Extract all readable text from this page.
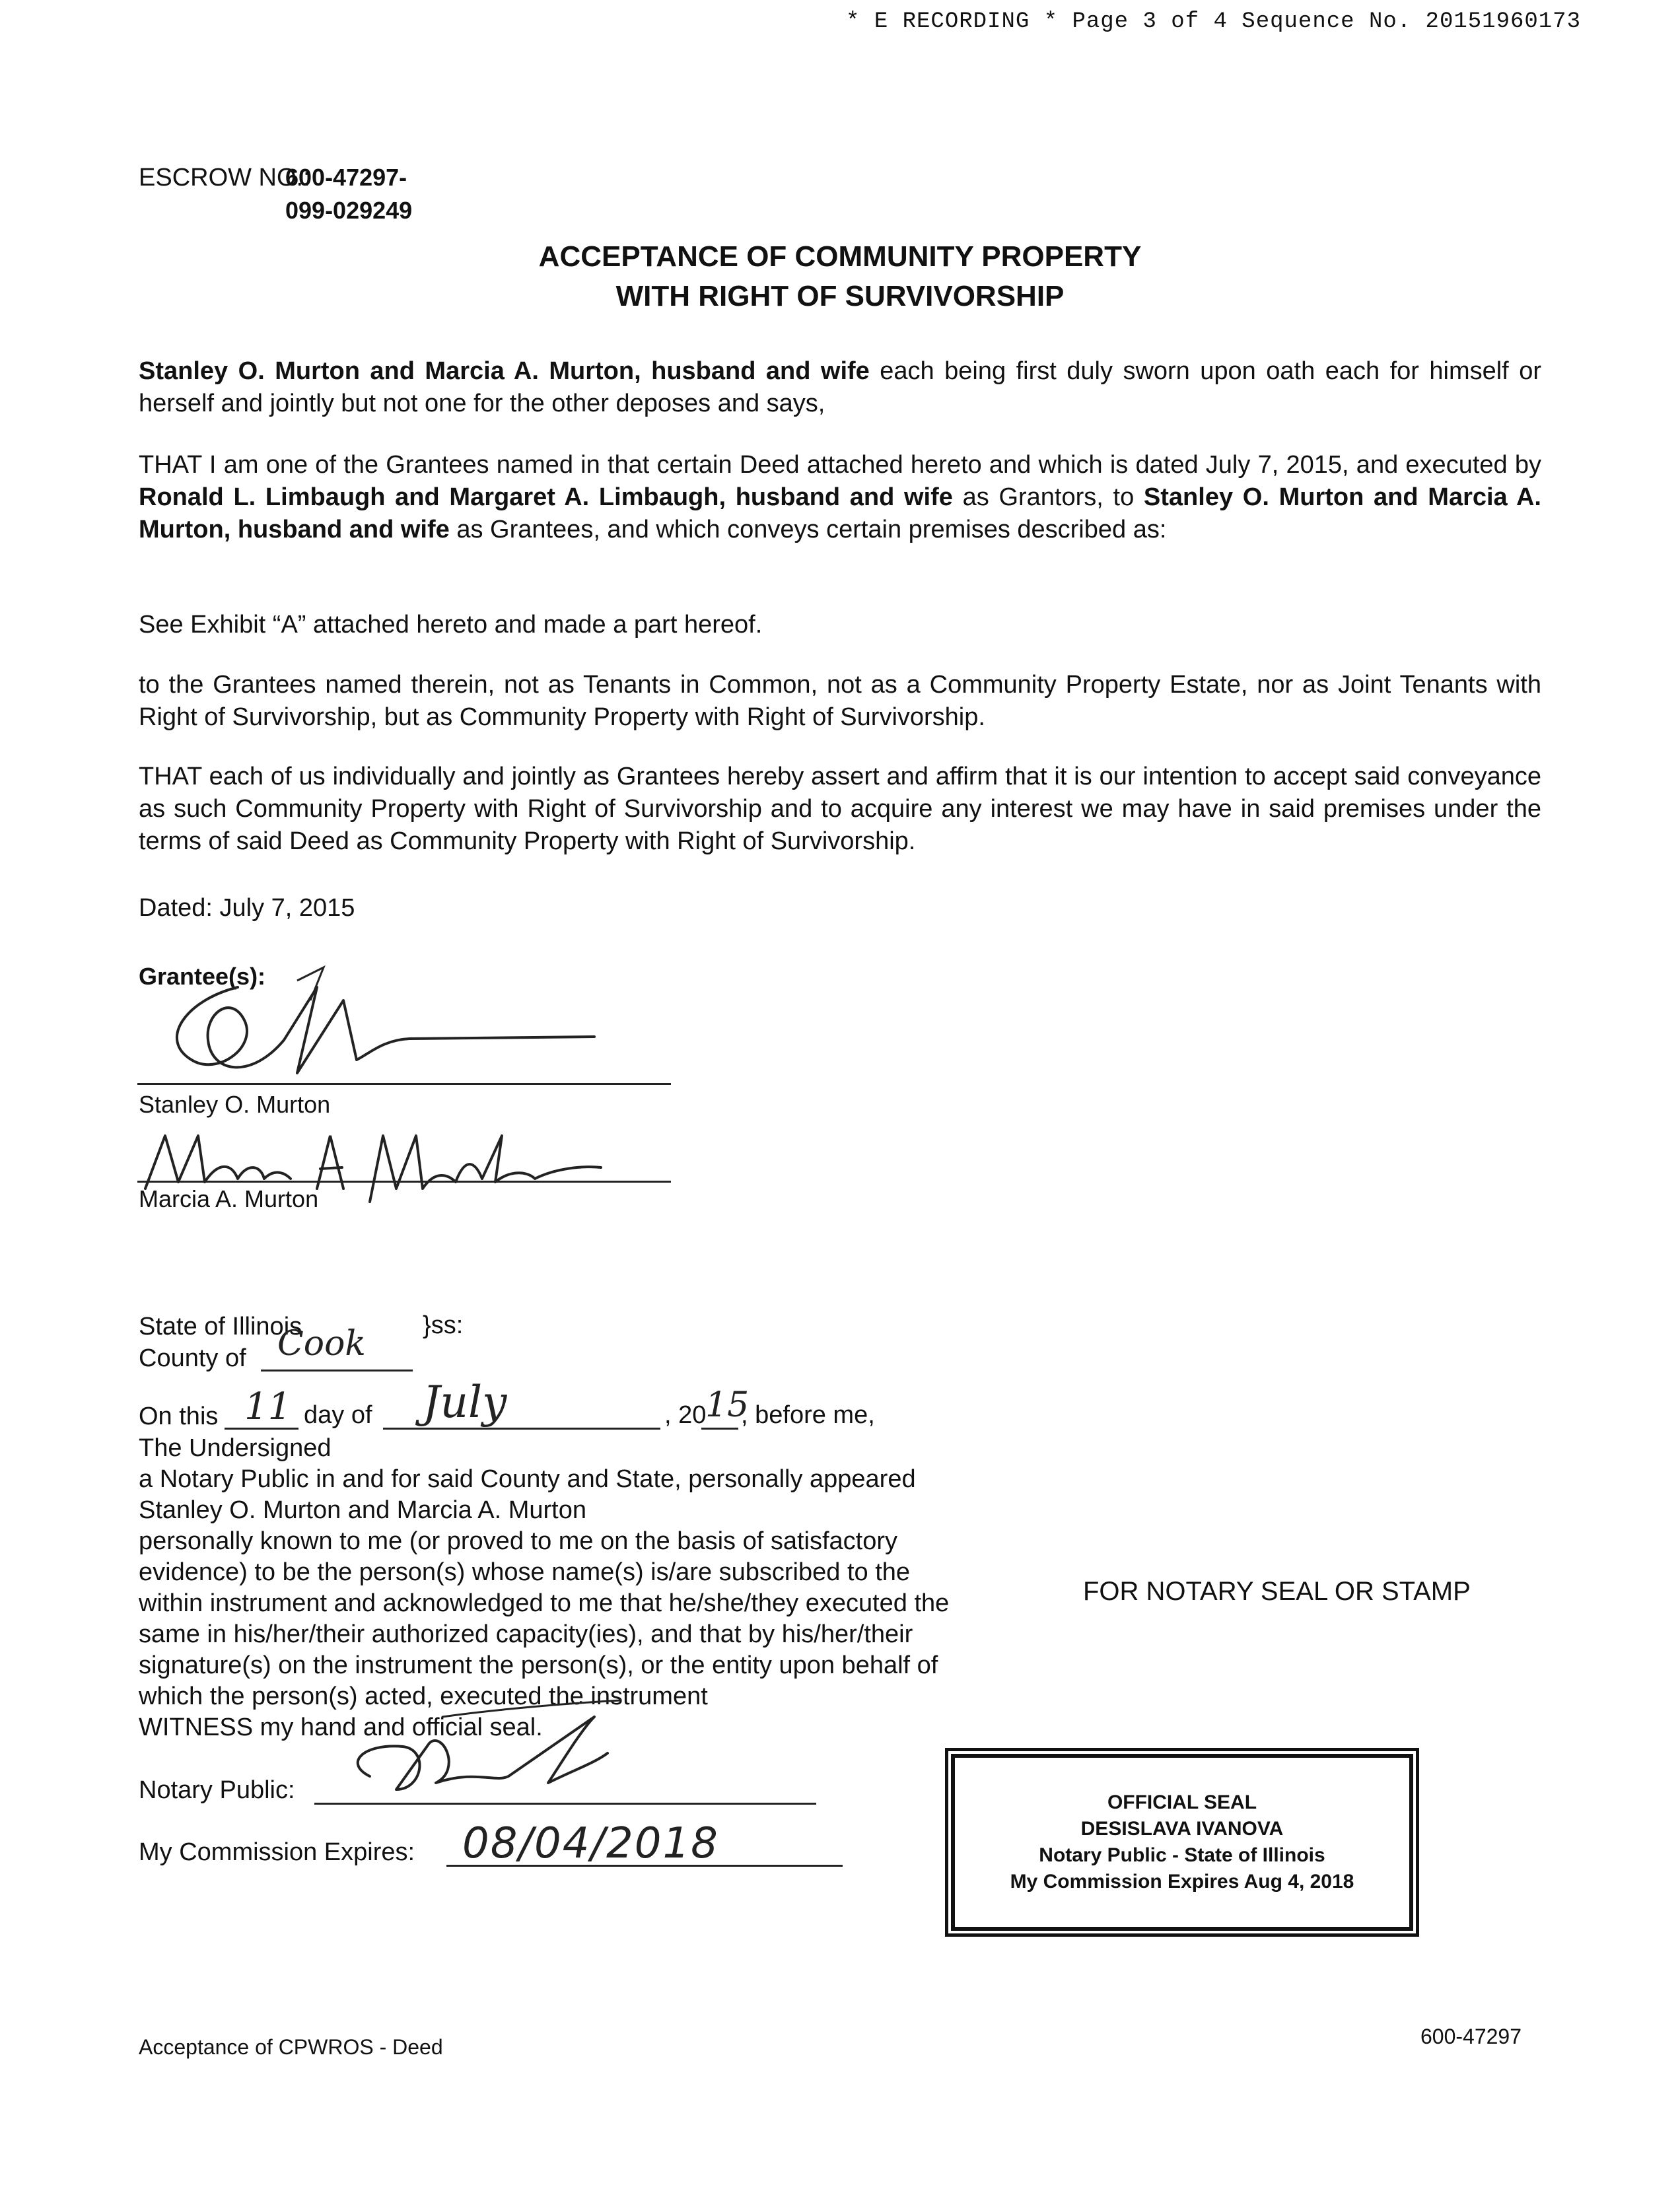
* E RECORDING * Page 3 of 4 Sequence No. 20151960173
ESCROW NO.:
600-47297-
099-029249
ACCEPTANCE OF COMMUNITY PROPERTY
WITH RIGHT OF SURVIVORSHIP
Stanley O. Murton and Marcia A. Murton, husband and wife each being first duly sworn upon oath each for himself or herself and jointly but not one for the other deposes and says,
THAT I am one of the Grantees named in that certain Deed attached hereto and which is dated July 7, 2015, and executed by Ronald L. Limbaugh and Margaret A. Limbaugh, husband and wife as Grantors, to Stanley O. Murton and Marcia A. Murton, husband and wife as Grantees, and which conveys certain premises described as:
See Exhibit “A” attached hereto and made a part hereof.
to the Grantees named therein, not as Tenants in Common, not as a Community Property Estate, nor as Joint Tenants with Right of Survivorship, but as Community Property with Right of Survivorship.
THAT each of us individually and jointly as Grantees hereby assert and affirm that it is our intention to accept said conveyance as such Community Property with Right of Survivorship and to acquire any interest we may have in said premises under the terms of said Deed as Community Property with Right of Survivorship.
Dated: July 7, 2015
Grantee(s):
Stanley O. Murton
Marcia A. Murton
State of Illinois	}ss:
County of Cook
On this 11 day of July	, 20
15
, before me,
The Undersigned
a Notary Public in and for said County and State, personally appeared
Stanley O. Murton and Marcia A. Murton
personally known to me (or proved to me on the basis of satisfactory
evidence) to be the person(s) whose name(s) is/are subscribed to the
within instrument and acknowledged to me that he/she/they executed the
same in his/her/their authorized capacity(ies), and that by his/her/their
signature(s) on the instrument the person(s), or the entity upon behalf of
which the person(s) acted, executed the instrument
WITNESS my hand and official seal.
FOR NOTARY SEAL OR STAMP
Notary Public:
My Commission Expires: 08/04/2018
OFFICIAL SEAL
DESISLAVA IVANOVA
Notary Public - State of Illinois
My Commission Expires Aug 4, 2018
Acceptance of CPWROS - Deed	600-47297
